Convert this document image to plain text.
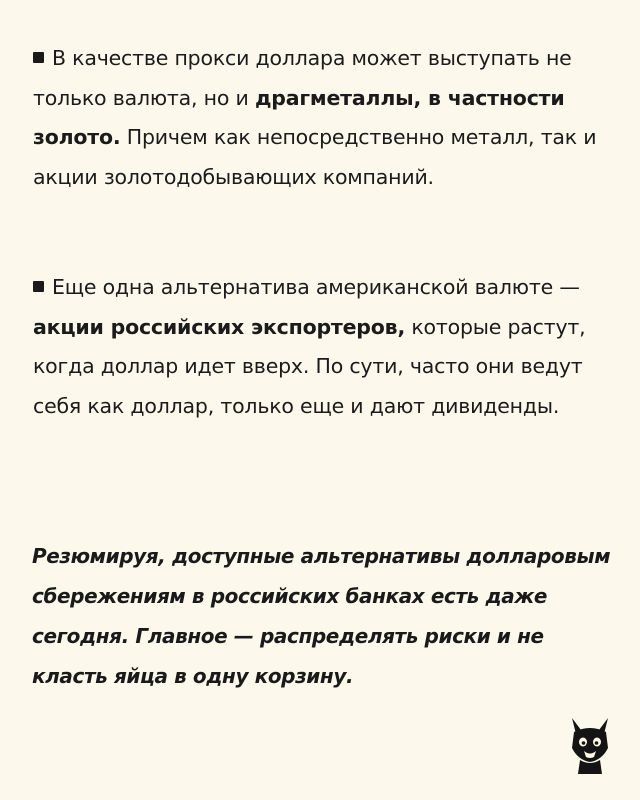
В качестве прокси доллара может выступать не только валюта, но и драгметаллы, в частности золото. Причем как непосредственно металл, так и акции золотодобывающих компаний.
Еще одна альтернатива американской валюте — акции российских экспортеров, которые растут, когда доллар идет вверх. По сути, часто они ведут себя как доллар, только еще и дают дивиденды.
Резюмируя, доступные альтернативы долларовым сбережениям в российских банках есть даже сегодня. Главное — распределять риски и не класть яйца в одну корзину.
